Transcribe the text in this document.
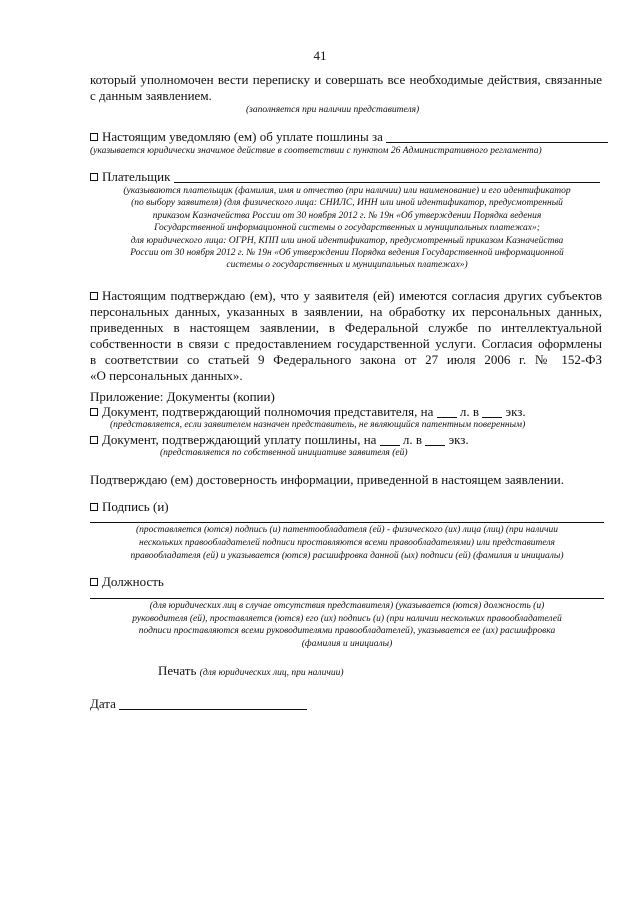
41
который уполномочен вести переписку и совершать все необходимые действия, связанные
с данным заявлением.
(заполняется при наличии представителя)
Настоящим уведомляю (ем) об уплате пошлины за
(указывается юридически значимое действие в соответствии с пунктом 26 Административного регламента)
Плательщик
(указываются плательщик (фамилия, имя и отчество (при наличии) или наименование) и его идентификатор
(по выбору заявителя) (для физического лица: СНИЛС, ИНН или иной идентификатор, предусмотренный
приказом Казначейства России от 30 ноября 2012 г. № 19н «Об утверждении Порядка ведения
Государственной информационной системы о государственных и муниципальных платежах»;
для юридического лица: ОГРН, КПП или иной идентификатор, предусмотренный приказом Казначейства
России от 30 ноября 2012 г. № 19н «Об утверждении Порядка ведения Государственной информационной
системы о государственных и муниципальных платежах»)
Настоящим подтверждаю (ем), что у заявителя (ей) имеются согласия других субъектов
персональных данных, указанных в заявлении, на обработку их персональных данных,
приведенных в настоящем заявлении, в Федеральной службе по интеллектуальной
собственности в связи с предоставлением государственной услуги. Согласия оформлены
в соответствии со статьей 9 Федерального закона от 27 июля 2006 г. № 152-ФЗ
«О персональных данных».
Приложение: Документы (копии)
Документ, подтверждающий полномочия представителя, на л. в экз.
(представляется, если заявителем назначен представитель, не являющийся патентным поверенным)
Документ, подтверждающий уплату пошлины, на л. в экз.
(представляется по собственной инициативе заявителя (ей)
Подтверждаю (ем) достоверность информации, приведенной в настоящем заявлении.
Подпись (и)
(проставляется (ются) подпись (и) патентообладателя (ей) - физического (их) лица (лиц) (при наличии
нескольких правообладателей подписи проставляются всеми правообладателями) или представителя
правообладателя (ей) и указывается (ются) расшифровка данной (ых) подписи (ей) (фамилия и инициалы)
Должность
(для юридических лиц в случае отсутствия представителя) (указывается (ются) должность (и)
руководителя (ей), проставляется (ются) его (их) подпись (и) (при наличии нескольких правообладателей
подписи проставляются всеми руководителями правообладателей), указывается ее (их) расшифровка
(фамилия и инициалы)
Печать (для юридических лиц, при наличии)
Дата
